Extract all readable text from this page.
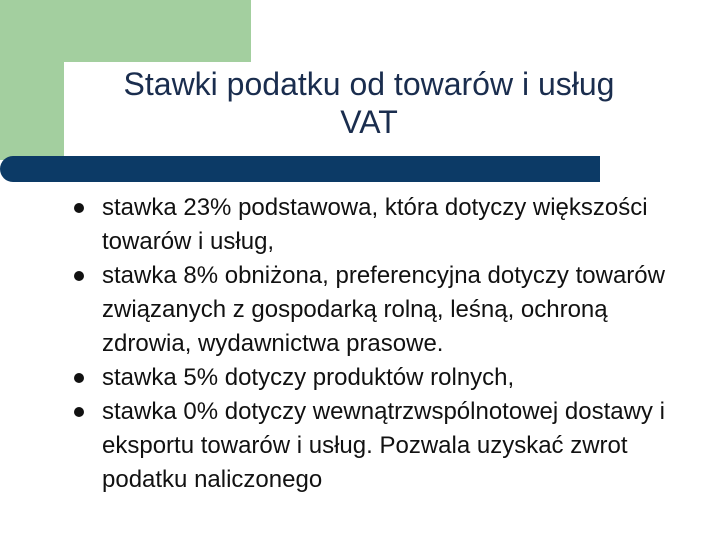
Stawki podatku od towarów i usług
VAT
stawka 23% podstawowa, która dotyczy większości towarów i usług,
stawka 8% obniżona, preferencyjna dotyczy towarów związanych z gospodarką rolną, leśną, ochroną zdrowia, wydawnictwa prasowe.
stawka 5% dotyczy produktów rolnych,
stawka 0% dotyczy wewnątrzwspólnotowej dostawy i eksportu towarów i usług. Pozwala uzyskać zwrot podatku naliczonego
